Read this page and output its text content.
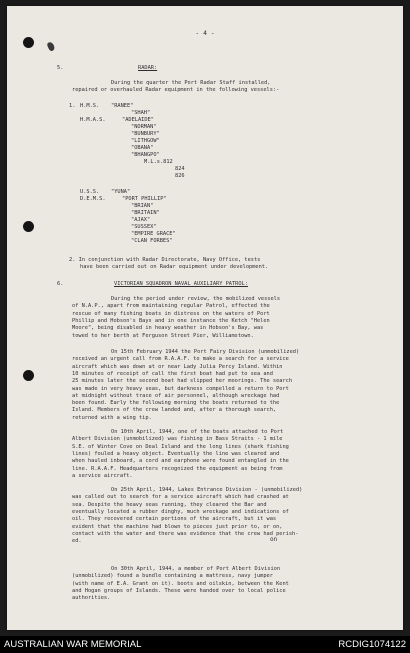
- 4 -
5.	RADAR:
During the quarter the Port Radar Staff installed,
repaired or overhauled Radar equipment in the following vessels:-
1. H.M.S. "RANEE"
"SHAH"
H.M.A.S.	"ADELAIDE"
"NORMAN"
"BUNBURY"
"LITHGOW"
"OBANA"
"BHANGPO"
M.L.s.812
824
826
U.S.S. "YUNA"
D.E.M.S.	"PORT PHILLIP"
"BRIAN"
"BRITAIN"
"AJAX"
"SUSSEX"
"EMPIRE GRACE"
"CLAN FORBES"
2. In conjunction with Radar Directorate, Navy Office, tests
have been carried out on Radar equipment under development.
6.	VICTORIAN SQUADRON NAVAL AUXILIARY PATROL:
During the period under review, the mobilized vessels
of N.A.P., apart from maintaining regular Patrol, effected the
rescue of many fishing boats in distress on the waters of Port
Phillip and Hobson's Bays and in one instance the Ketch "Helen
Moore", being disabled in heavy weather in Hobson's Bay, was
towed to her berth at Ferguson Street Pier, Williamstown.
On 15th February 1944 the Port Fairy Division (unmobilized)
received an urgent call from R.A.A.F. to make a search for a service
aircraft which was down at or near Lady Julia Percy Island. Within
10 minutes of receipt of call the first boat had put to sea and
25 minutes later the second boat had slipped her moorings. The search
was made in very heavy seas, but darkness compelled a return to Port
at midnight without trace of air personnel, although wreckage had
been found. Early the following morning the boats returned to the
Island. Members of the crew landed and, after a thorough search,
returned with a wing tip.
On 10th April, 1944, one of the boats attached to Port
Albert Division (unmobilized) was fishing in Bass Straits - 1 mile
S.E. of Winter Cove on Deal Island and the long lines (shark fishing
lines) fouled a heavy object. Eventually the line was cleared and
when hauled inboard, a cord and earphone were found entangled in the
line. R.A.A.F. Headquarters recognized the equipment as being from
a service aircraft.
On 25th April, 1944, Lakes Entrance Division - (unmobilized)
was called out to search for a service aircraft which had crashed at
sea. Despite the heavy seas running, they cleared the Bar and
eventually located a rubber dinghy, much wreckage and indications of
oil. They recovered certain portions of the aircraft, but it was
evident that the machine had blown to pieces just prior to, or on,
contact with the water and there was evidence that the crew had perish-
ed.
On 30th April, 1944, a member of Port Albert Division
(unmobilized) found a bundle containing a mattress, navy jumper
(with name of E.A. Grant on it). boots and oilskin, between the Kent
and Hogan groups of Islands. These were handed over to local police
authorities.
on
AUSTRALIAN WAR MEMORIAL	RCDIG1074122
